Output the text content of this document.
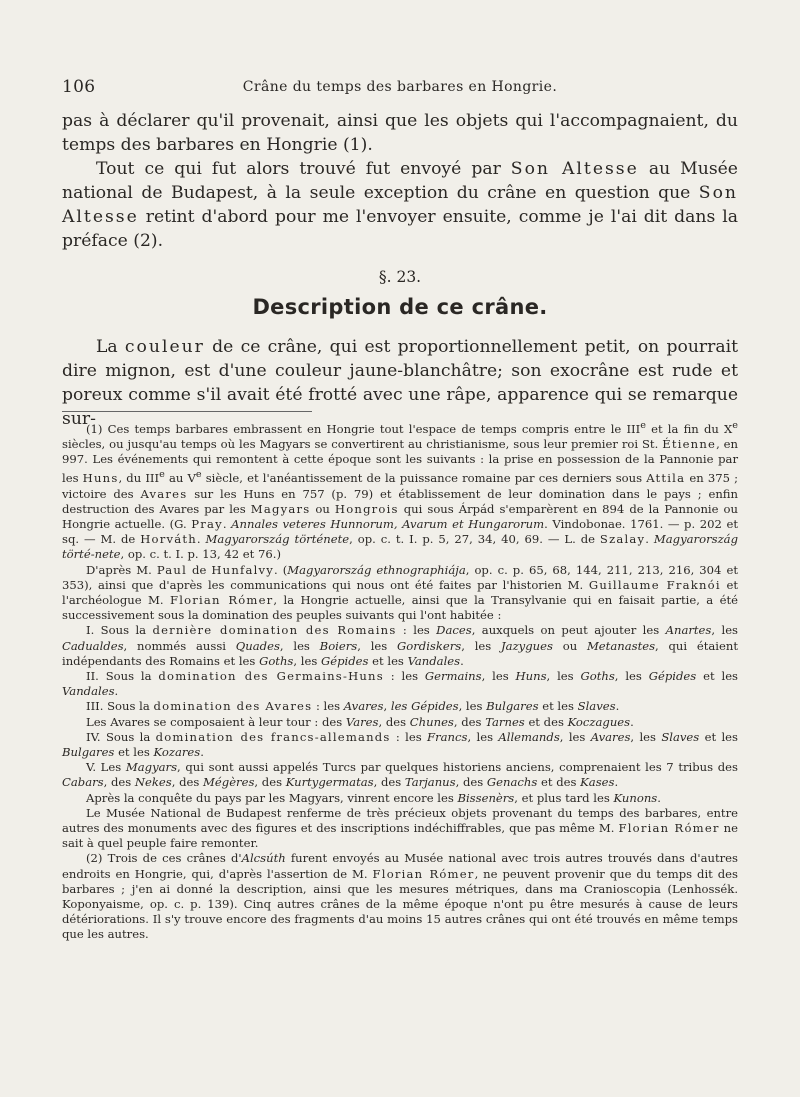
106	Crâne du temps des barbares en Hongrie.

pas à déclarer qu'il provenait, ainsi que les objets qui l'accompagnaient, du temps des barbares en Hongrie (1).

Tout ce qui fut alors trouvé fut envoyé par Son Altesse au Musée national de Budapest, à la seule exception du crâne en question que Son Altesse retint d'abord pour me l'envoyer ensuite, comme je l'ai dit dans la préface (2).

§. 23.
Description de ce crâne.

La couleur de ce crâne, qui est proportionnellement petit, on pourrait dire mignon, est d'une couleur jaune-blanchâtre; son exocrâne est rude et poreux comme s'il avait été frotté avec une râpe, apparence qui se remarque sur-

(1) Ces temps barbares embrassent en Hongrie tout l'espace de temps compris entre le IIIe et la fin du Xe siècles, ou jusqu'au temps où les Magyars se convertirent au christianisme, sous leur premier roi St. Étienne, en 997. Les événements qui remontent à cette époque sont les suivants : la prise en possession de la Pannonie par les Huns, du IIIe au Ve siècle, et l'anéantissement de la puissance romaine par ces derniers sous Attila en 375 ; victoire des Avares sur les Huns en 757 (p. 79) et établissement de leur domination dans le pays ; enfin destruction des Avares par les Magyars ou Hongrois qui sous Árpád s'emparèrent en 894 de la Pannonie ou Hongrie actuelle. (G. Pray. Annales veteres Hunnorum, Avarum et Hungarorum. Vindobonae. 1761. — p. 202 et sq. — M. de Horváth. Magyarország története, op. c. t. I. p. 5, 27, 34, 40, 69. — L. de Szalay. Magyarország törté-nete, op. c. t. I. p. 13, 42 et 76.)

D'après M. Paul de Hunfalvy. (Magyarország ethnographiája, op. c. p. 65, 68, 144, 211, 213, 216, 304 et 353), ainsi que d'après les communications qui nous ont été faites par l'historien M. Guillaume Fraknói et l'archéologue M. Florian Rómer, la Hongrie actuelle, ainsi que la Transylvanie qui en faisait partie, a été successivement sous la domination des peuples suivants qui l'ont habitée :

I. Sous la dernière domination des Romains : les Daces, auxquels on peut ajouter les Anartes, les Cadualdes, nommés aussi Quades, les Boiers, les Gordiskers, les Jazygues ou Metanastes, qui étaient indépendants des Romains et les Goths, les Gépides et les Vandales.

II. Sous la domination des Germains-Huns : les Germains, les Huns, les Goths, les Gépides et les Vandales.

III. Sous la domination des Avares : les Avares, les Gépides, les Bulgares et les Slaves.

Les Avares se composaient à leur tour : des Vares, des Chunes, des Tarnes et des Koczagues.

IV. Sous la domination des francs-allemands : les Francs, les Allemands, les Avares, les Slaves et les Bulgares et les Kozares.

V. Les Magyars, qui sont aussi appelés Turcs par quelques historiens anciens, comprenaient les 7 tribus des Cabars, des Nekes, des Mégères, des Kurtygermatas, des Tarjanus, des Genachs et des Kases.

Après la conquête du pays par les Magyars, vinrent encore les Bissenèrs, et plus tard les Kunons.

Le Musée National de Budapest renferme de très précieux objets provenant du temps des barbares, entre autres des monuments avec des figures et des inscriptions indéchiffrables, que pas même M. Florian Rómer ne sait à quel peuple faire remonter.

(2) Trois de ces crânes d'Alcsúth furent envoyés au Musée national avec trois autres trouvés dans d'autres endroits en Hongrie, qui, d'après l'assertion de M. Florian Rómer, ne peuvent provenir que du temps dit des barbares ; j'en ai donné la description, ainsi que les mesures métriques, dans ma Cranioscopia (Lenhossék. Koponyaisme, op. c. p. 139). Cinq autres crânes de la même époque n'ont pu être mesurés à cause de leurs détériorations. Il s'y trouve encore des fragments d'au moins 15 autres crânes qui ont été trouvés en même temps que les autres.
